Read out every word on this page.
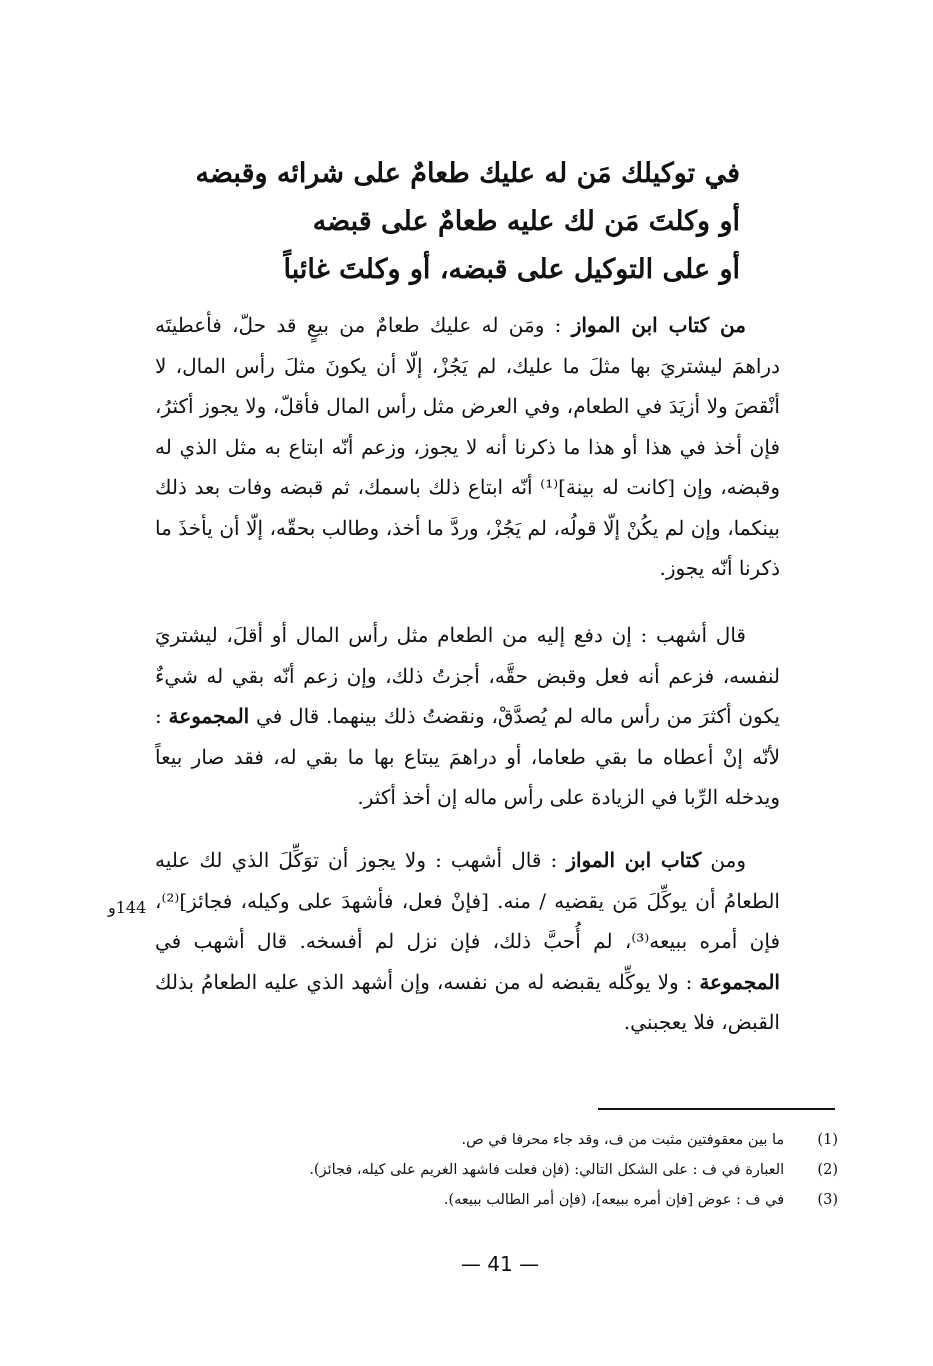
في توكيلك مَن له عليك طعامٌ على شرائه وقبضه
أو وكلتَ مَن لك عليه طعامٌ على قبضه
أو على التوكيل على قبضه، أو وكلتَ غائباً
من كتاب ابن المواز : ومَن له عليك طعامٌ من بيعٍ قد حلّ، فأعطيتَه دراهمَ ليشتريَ بها مثلَ ما عليك، لم يَجُزْ، إلّا أن يكونَ مثلَ رأس المال، لا أنْقصَ ولا أزيَدَ في الطعام، وفي العرض مثل رأس المال فأقلّ، ولا يجوز أكثرُ، فإن أخذ في هذا أو هذا ما ذكرنا أنه لا يجوز، وزعم أنّه ابتاع به مثل الذي له وقبضه، وإن [كانت له بينة]⁽¹⁾ أنّه ابتاع ذلك باسمك، ثم قبضه وفات بعد ذلك بينكما، وإن لم يكُنْ إلّا قولُه، لم يَجُزْ، وردَّ ما أخذ، وطالب بحقّه، إلّا أن يأخذَ ما ذكرنا أنّه يجوز.
قال أشهب : إن دفع إليه من الطعام مثل رأس المال أو أقلَ، ليشتريَ لنفسه، فزعم أنه فعل وقبض حقَّه، أجزتُ ذلك، وإن زعم أنّه بقي له شيءٌ يكون أكثرَ من رأس ماله لم يُصدَّقْ، ونقضتُ ذلك بينهما. قال في المجموعة : لأنّه إنْ أعطاه ما بقي طعاما، أو دراهمَ يبتاع بها ما بقي له، فقد صار بيعاً ويدخله الرِّبا في الزيادة على رأس ماله إن أخذ أكثر.
ومن كتاب ابن المواز : قال أشهب : ولا يجوز أن توَكِّلَ الذي لك عليه الطعامُ أن يوكِّلَ مَن يقضيه / منه. [فإنْ فعل، فأشهدَ على وكيله، فجائز]⁽²⁾، فإن أمره ببيعه⁽³⁾، لم أُحبَّ ذلك، فإن نزل لم أفسخه. قال أشهب في المجموعة : ولا يوكِّله يقبضه له من نفسه، وإن أشهد الذي عليه الطعامُ بذلك القبض، فلا يعجبني.
144و
(1)   ما بين معقوفتين مثبت من ف، وقد جاء محرفا في ص.
(2)   العبارة في ف : على الشكل التالي: (فإن فعلت فاشهد الغريم على كيله، فجائز).
(3)   في ف : عوض [فإن أمره ببيعه]، (فإن أمر الطالب ببيعه).
— 41 —
